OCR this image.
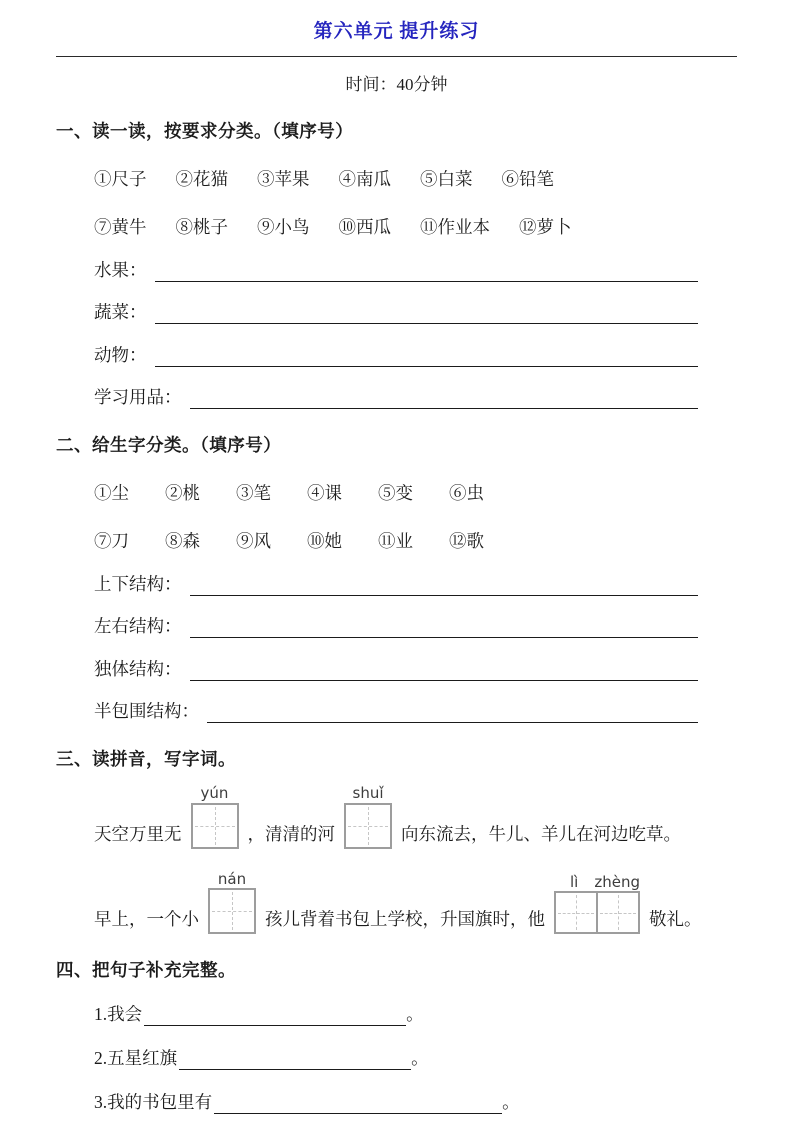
第六单元 提升练习
时间：40分钟
一、读一读，按要求分类。（填序号）
①尺子 ②花猫 ③苹果 ④南瓜 ⑤白菜 ⑥铅笔
⑦黄牛 ⑧桃子 ⑨小鸟 ⑩西瓜 ⑪作业本 ⑫萝卜
水果：
蔬菜：
动物：
学习用品：
二、给生字分类。（填序号）
①尘 ②桃 ③笔 ④课 ⑤变 ⑥虫
⑦刀 ⑧森 ⑨风 ⑩她 ⑪业 ⑫歌
上下结构：
左右结构：
独体结构：
半包围结构：
三、读拼音，写字词。
天空万里无
yún
，清清的河
shuǐ
向东流去，牛儿、羊儿在河边吃草。
早上，一个小
nán
孩儿背着书包上学校，升国旗时，他
lì	zhèng
敬礼。
四、把句子补充完整。
1.我会	。
2.五星红旗	。
3.我的书包里有	。
